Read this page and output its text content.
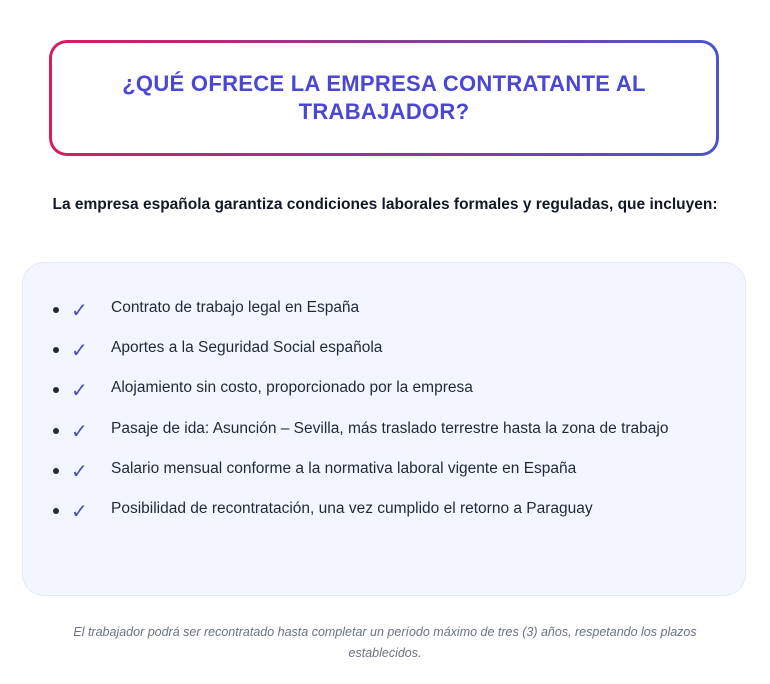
¿QUÉ OFRECE LA EMPRESA CONTRATANTE AL TRABAJADOR?

La empresa española garantiza condiciones laborales formales y reguladas, que incluyen:

✓	Contrato de trabajo legal en España
✓	Aportes a la Seguridad Social española
✓	Alojamiento sin costo, proporcionado por la empresa
✓	Pasaje de ida: Asunción – Sevilla, más traslado terrestre hasta la zona de trabajo
✓	Salario mensual conforme a la normativa laboral vigente en España
✓	Posibilidad de recontratación, una vez cumplido el retorno a Paraguay

El trabajador podrá ser recontratado hasta completar un período máximo de tres (3) años, respetando los plazos establecidos.
